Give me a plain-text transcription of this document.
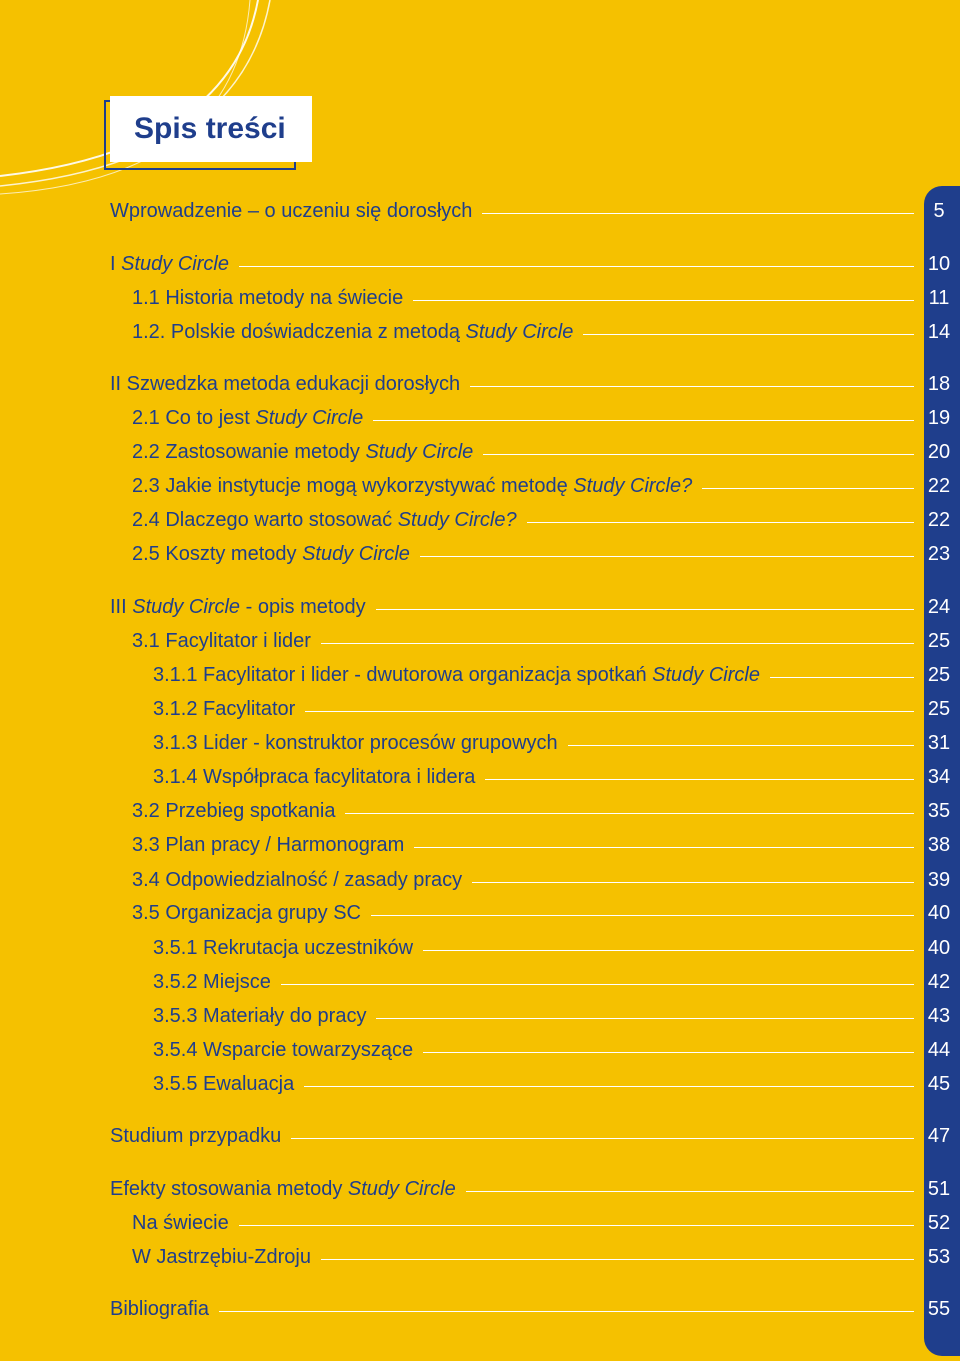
Spis treści
Wprowadzenie – o uczeniu się dorosłych	5
I Study Circle	10
1.1 Historia metody na świecie	11
1.2. Polskie doświadczenia z metodą Study Circle	14
II Szwedzka metoda edukacji dorosłych	18
2.1 Co to jest Study Circle	19
2.2 Zastosowanie metody Study Circle	20
2.3 Jakie instytucje mogą wykorzystywać metodę Study Circle?	22
2.4 Dlaczego warto stosować Study Circle?	22
2.5 Koszty metody Study Circle	23
III Study Circle - opis metody	24
3.1 Facylitator i lider	25
3.1.1 Facylitator i lider - dwutorowa organizacja spotkań Study Circle	25
3.1.2 Facylitator	25
3.1.3 Lider - konstruktor procesów grupowych	31
3.1.4 Współpraca facylitatora i lidera	34
3.2 Przebieg spotkania	35
3.3 Plan pracy / Harmonogram	38
3.4 Odpowiedzialność / zasady pracy	39
3.5 Organizacja grupy SC	40
3.5.1 Rekrutacja uczestników	40
3.5.2 Miejsce	42
3.5.3 Materiały do pracy	43
3.5.4 Wsparcie towarzyszące	44
3.5.5 Ewaluacja	45
Studium przypadku	47
Efekty stosowania metody Study Circle	51
Na świecie	52
W Jastrzębiu-Zdroju	53
Bibliografia	55
